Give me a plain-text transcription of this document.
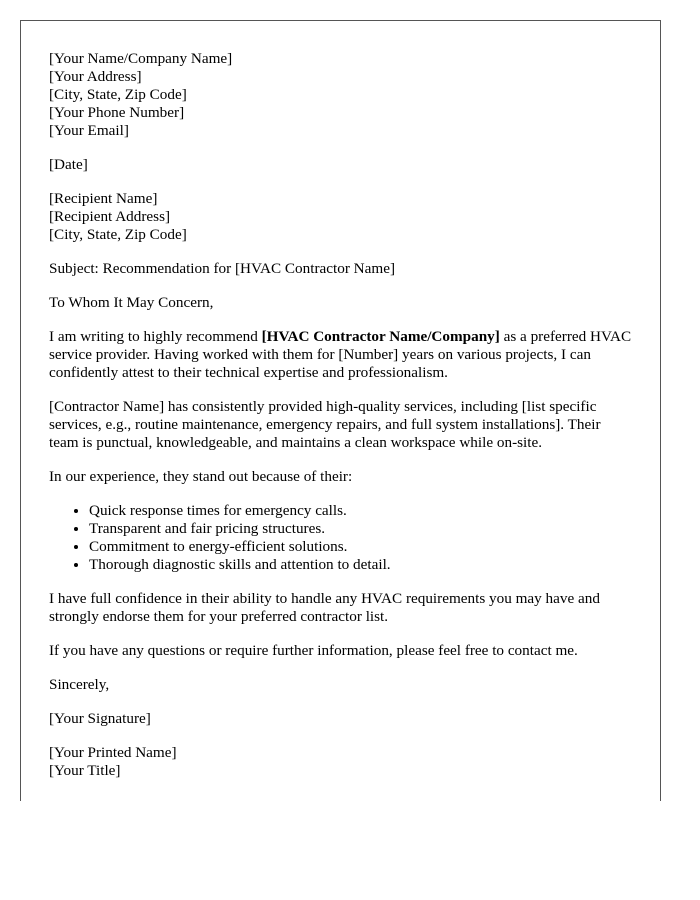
[Your Name/Company Name]
[Your Address]
[City, State, Zip Code]
[Your Phone Number]
[Your Email]

[Date]

[Recipient Name]
[Recipient Address]
[City, State, Zip Code]

Subject: Recommendation for [HVAC Contractor Name]

To Whom It May Concern,

I am writing to highly recommend [HVAC Contractor Name/Company] as a preferred HVAC service provider. Having worked with them for [Number] years on various projects, I can confidently attest to their technical expertise and professionalism.

[Contractor Name] has consistently provided high-quality services, including [list specific services, e.g., routine maintenance, emergency repairs, and full system installations]. Their team is punctual, knowledgeable, and maintains a clean workspace while on-site.

In our experience, they stand out because of their:

• Quick response times for emergency calls.
• Transparent and fair pricing structures.
• Commitment to energy-efficient solutions.
• Thorough diagnostic skills and attention to detail.

I have full confidence in their ability to handle any HVAC requirements you may have and strongly endorse them for your preferred contractor list.

If you have any questions or require further information, please feel free to contact me.

Sincerely,

[Your Signature]

[Your Printed Name]
[Your Title]
